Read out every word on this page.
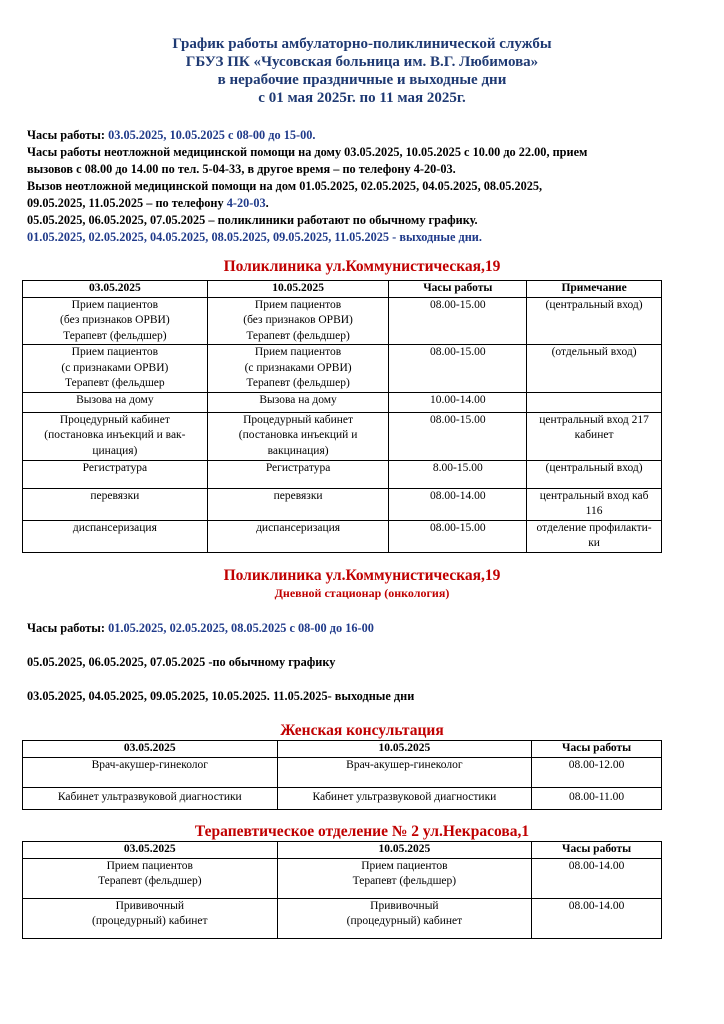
График работы амбулаторно-поликлинической службы
ГБУЗ ПК «Чусовская больница им. В.Г. Любимова»
в нерабочие праздничные и выходные дни
с 01 мая 2025г. по 11 мая 2025г.
Часы работы: 03.05.2025, 10.05.2025 с 08-00 до 15-00.
Часы работы неотложной медицинской помощи на дому 03.05.2025, 10.05.2025 с 10.00 до 22.00, прием
вызовов с 08.00 до 14.00 по тел. 5-04-33, в другое время – по телефону 4-20-03.
Вызов неотложной медицинской помощи на дом 01.05.2025, 02.05.2025, 04.05.2025, 08.05.2025,
09.05.2025, 11.05.2025 – по телефону 4-20-03.
05.05.2025, 06.05.2025, 07.05.2025 – поликлиники работают по обычному графику.
01.05.2025, 02.05.2025, 04.05.2025, 08.05.2025, 09.05.2025, 11.05.2025 - выходные дни.
Поликлиника ул.Коммунистическая,19
03.05.2025	10.05.2025	Часы работы	Примечание

Прием пациентов
(без признаков ОРВИ)
Терапевт (фельдшер)	Прием пациентов
(без признаков ОРВИ)
Терапевт (фельдшер)	08.00-15.00	(центральный вход)

Прием пациентов
(с признаками ОРВИ)
Терапевт (фельдшер	Прием пациентов
(с признаками ОРВИ)
Терапевт (фельдшер)	08.00-15.00	(отдельный вход)

Вызова на дому	Вызова на дому	10.00-14.00	

Процедурный кабинет
(постановка инъекций и вак-
цинация)	Процедурный кабинет
(постановка инъекций и
вакцинация)	08.00-15.00	центральный вход 217
кабинет

Регистратура	Регистратура	8.00-15.00	(центральный вход)

перевязки	перевязки	08.00-14.00	центральный вход каб
116

диспансеризация	диспансеризация	08.00-15.00	отделение профилакти-
ки
Поликлиника ул.Коммунистическая,19
Дневной стационар (онкология)
Часы работы: 01.05.2025, 02.05.2025, 08.05.2025 с 08-00 до 16-00
05.05.2025, 06.05.2025, 07.05.2025 -по обычному графику
03.05.2025, 04.05.2025, 09.05.2025, 10.05.2025. 11.05.2025- выходные дни
Женская консультация
03.05.2025	10.05.2025	Часы работы
Врач-акушер-гинеколог	Врач-акушер-гинеколог	08.00-12.00
Кабинет ультразвуковой диагностики	Кабинет ультразвуковой диагностики	08.00-11.00
Терапевтическое отделение № 2 ул.Некрасова,1
03.05.2025	10.05.2025	Часы работы

Прием пациентов
Терапевт (фельдшер)	Прием пациентов
Терапевт (фельдшер)	08.00-14.00

Прививочный
(процедурный) кабинет	Прививочный
(процедурный) кабинет	08.00-14.00
